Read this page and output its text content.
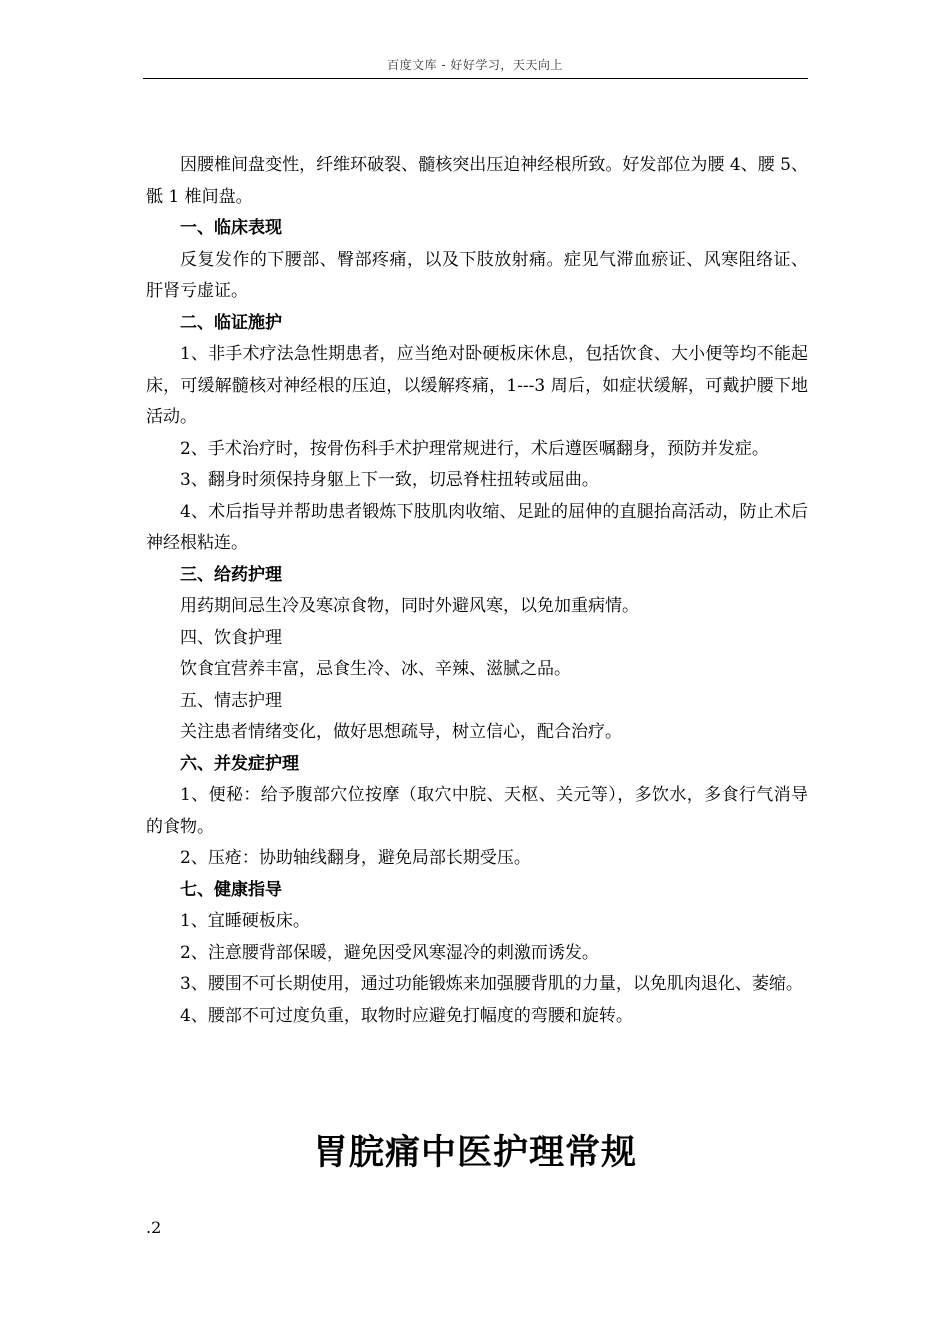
百度文库 - 好好学习，天天向上

因腰椎间盘变性，纤维环破裂、髓核突出压迫神经根所致。好发部位为腰 4、腰 5、骶 1 椎间盘。

一、临床表现

反复发作的下腰部、臀部疼痛，以及下肢放射痛。症见气滞血瘀证、风寒阻络证、肝肾亏虚证。

二、临证施护

1、非手术疗法急性期患者，应当绝对卧硬板床休息，包括饮食、大小便等均不能起床，可缓解髓核对神经根的压迫，以缓解疼痛，1---3 周后，如症状缓解，可戴护腰下地活动。

2、手术治疗时，按骨伤科手术护理常规进行，术后遵医嘱翻身，预防并发症。

3、翻身时须保持身躯上下一致，切忌脊柱扭转或屈曲。

4、术后指导并帮助患者锻炼下肢肌肉收缩、足趾的屈伸的直腿抬高活动，防止术后神经根粘连。

三、给药护理

用药期间忌生冷及寒凉食物，同时外避风寒，以免加重病情。

四、饮食护理

饮食宜营养丰富，忌食生冷、冰、辛辣、滋腻之品。

五、情志护理

关注患者情绪变化，做好思想疏导，树立信心，配合治疗。

六、并发症护理

1、便秘：给予腹部穴位按摩（取穴中脘、天枢、关元等），多饮水，多食行气消导的食物。

2、压疮：协助轴线翻身，避免局部长期受压。

七、健康指导

1、宜睡硬板床。

2、注意腰背部保暖，避免因受风寒湿冷的刺激而诱发。

3、腰围不可长期使用，通过功能锻炼来加强腰背肌的力量，以免肌肉退化、萎缩。

4、腰部不可过度负重，取物时应避免打幅度的弯腰和旋转。

胃脘痛中医护理常规
.2
